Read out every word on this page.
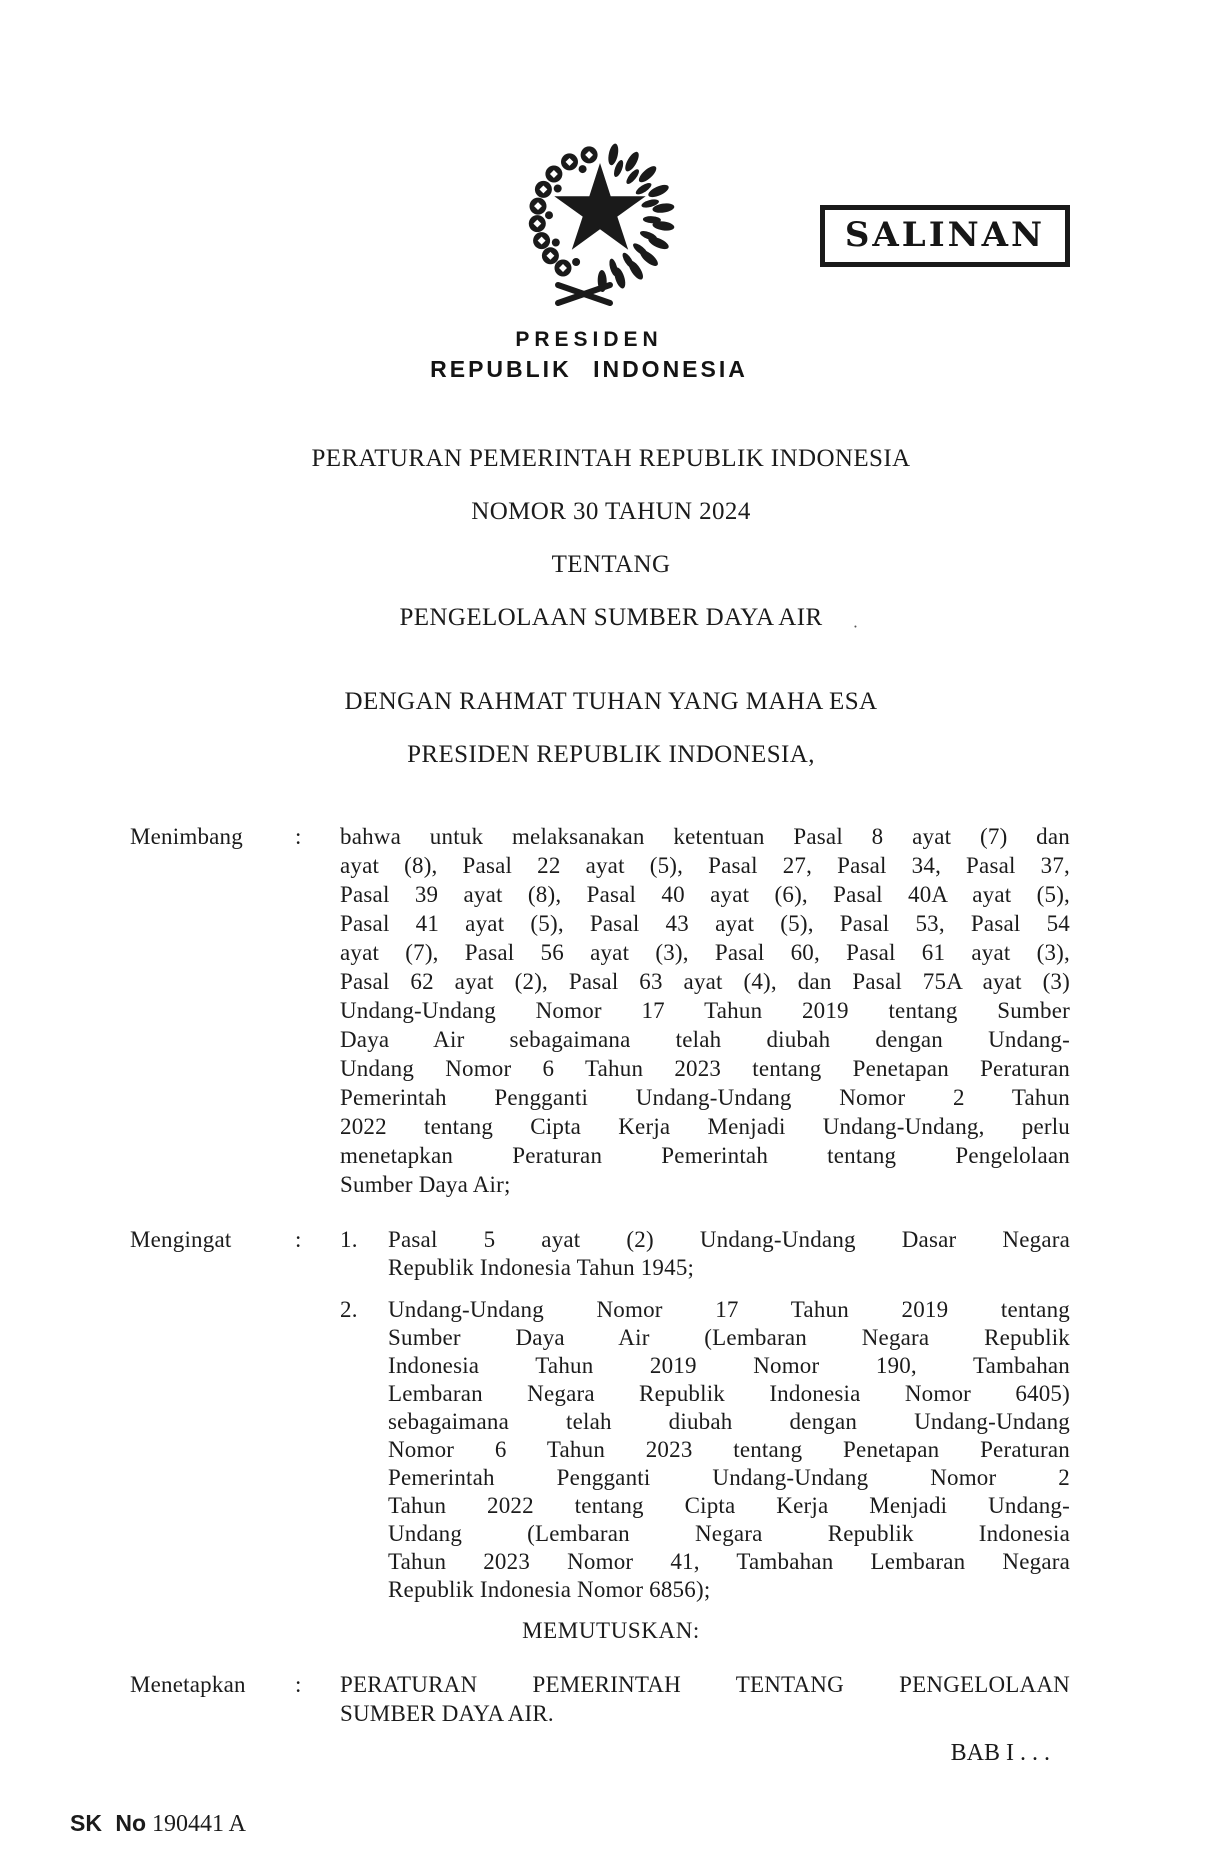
SALINAN
PRESIDEN
REPUBLIK INDONESIA
PERATURAN PEMERINTAH REPUBLIK INDONESIA
NOMOR 30 TAHUN 2024
TENTANG
PENGELOLAAN SUMBER DAYA AIR ·
DENGAN RAHMAT TUHAN YANG MAHA ESA
PRESIDEN REPUBLIK INDONESIA,
Menimbang	:	bahwa untuk melaksanakan ketentuan Pasal 8 ayat (7) dan
ayat (8), Pasal 22 ayat (5), Pasal 27, Pasal 34, Pasal 37,
Pasal 39 ayat (8), Pasal 40 ayat (6), Pasal 40A ayat (5),
Pasal 41 ayat (5), Pasal 43 ayat (5), Pasal 53, Pasal 54
ayat (7), Pasal 56 ayat (3), Pasal 60, Pasal 61 ayat (3),
Pasal 62 ayat (2), Pasal 63 ayat (4), dan Pasal 75A ayat (3)
Undang-Undang Nomor 17 Tahun 2019 tentang Sumber
Daya Air sebagaimana telah diubah dengan Undang-
Undang Nomor 6 Tahun 2023 tentang Penetapan Peraturan
Pemerintah Pengganti Undang-Undang Nomor 2 Tahun
2022 tentang Cipta Kerja Menjadi Undang-Undang, perlu
menetapkan Peraturan Pemerintah tentang Pengelolaan
Sumber Daya Air;
Mengingat	:	1.	Pasal 5 ayat (2) Undang-Undang Dasar Negara
Republik Indonesia Tahun 1945;
2.	Undang-Undang Nomor 17 Tahun 2019 tentang
Sumber Daya Air (Lembaran Negara Republik
Indonesia Tahun 2019 Nomor 190, Tambahan
Lembaran Negara Republik Indonesia Nomor 6405)
sebagaimana telah diubah dengan Undang-Undang
Nomor 6 Tahun 2023 tentang Penetapan Peraturan
Pemerintah Pengganti Undang-Undang Nomor 2
Tahun 2022 tentang Cipta Kerja Menjadi Undang-
Undang (Lembaran Negara Republik Indonesia
Tahun 2023 Nomor 41, Tambahan Lembaran Negara
Republik Indonesia Nomor 6856);
MEMUTUSKAN:
Menetapkan	:	PERATURAN PEMERINTAH TENTANG PENGELOLAAN
SUMBER DAYA AIR.
BAB I . . .
SK No 190441 A
